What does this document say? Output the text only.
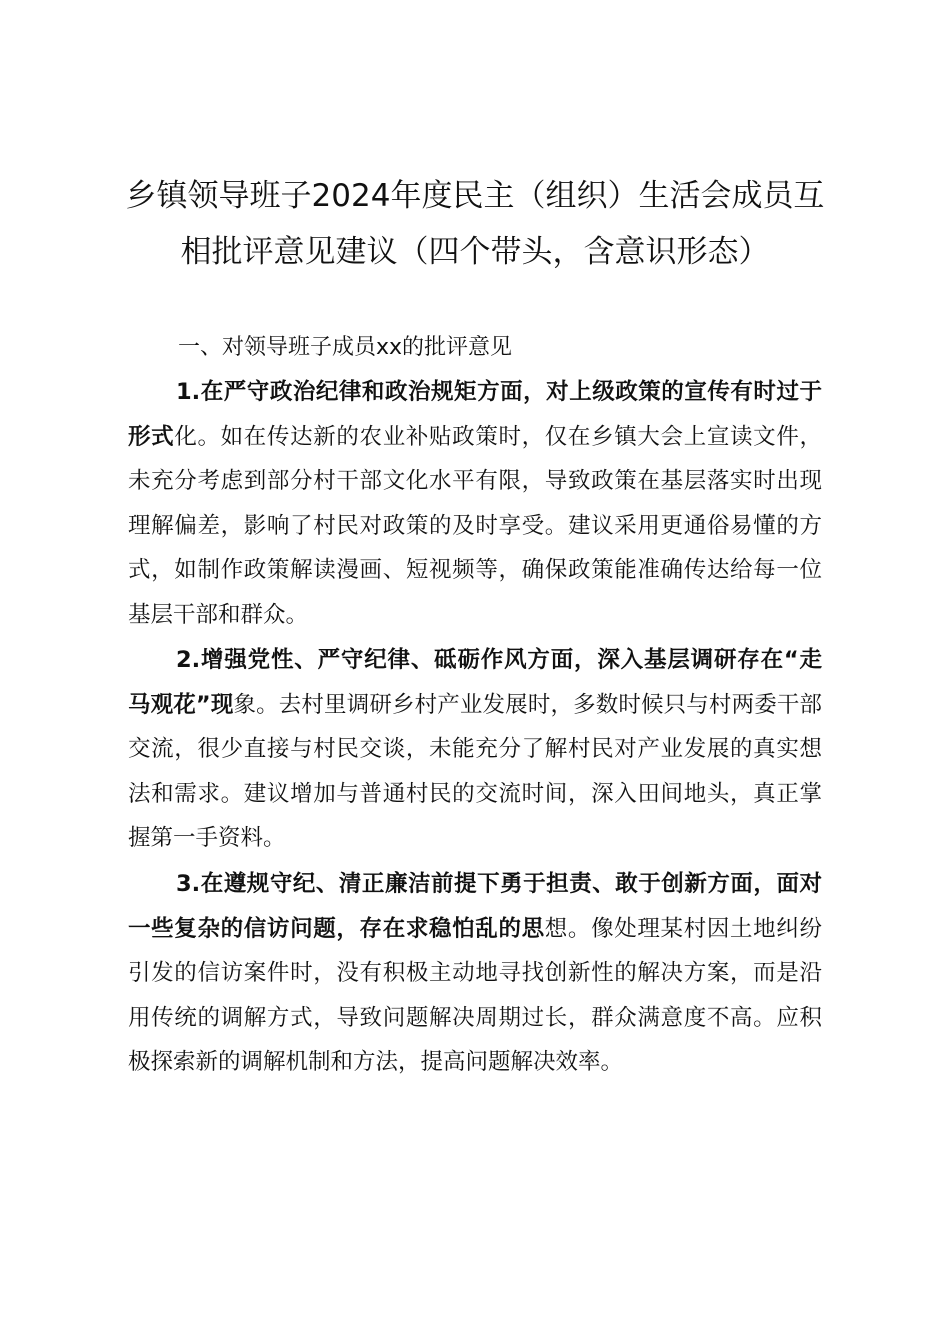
乡镇领导班子2024年度民主（组织）生活会成员互相批评意见建议（四个带头，含意识形态）
一、对领导班子成员xx的批评意见

1.在严守政治纪律和政治规矩方面，对上级政策的宣传有时过于形式化。如在传达新的农业补贴政策时，仅在乡镇大会上宣读文件，未充分考虑到部分村干部文化水平有限，导致政策在基层落实时出现理解偏差，影响了村民对政策的及时享受。建议采用更通俗易懂的方式，如制作政策解读漫画、短视频等，确保政策能准确传达给每一位基层干部和群众。

2.增强党性、严守纪律、砥砺作风方面，深入基层调研存在“走马观花”现象。去村里调研乡村产业发展时，多数时候只与村两委干部交流，很少直接与村民交谈，未能充分了解村民对产业发展的真实想法和需求。建议增加与普通村民的交流时间，深入田间地头，真正掌握第一手资料。

3.在遵规守纪、清正廉洁前提下勇于担责、敢于创新方面，面对一些复杂的信访问题，存在求稳怕乱的思想。像处理某村因土地纠纷引发的信访案件时，没有积极主动地寻找创新性的解决方案，而是沿用传统的调解方式，导致问题解决周期过长，群众满意度不高。应积极探索新的调解机制和方法，提高问题解决效率。
